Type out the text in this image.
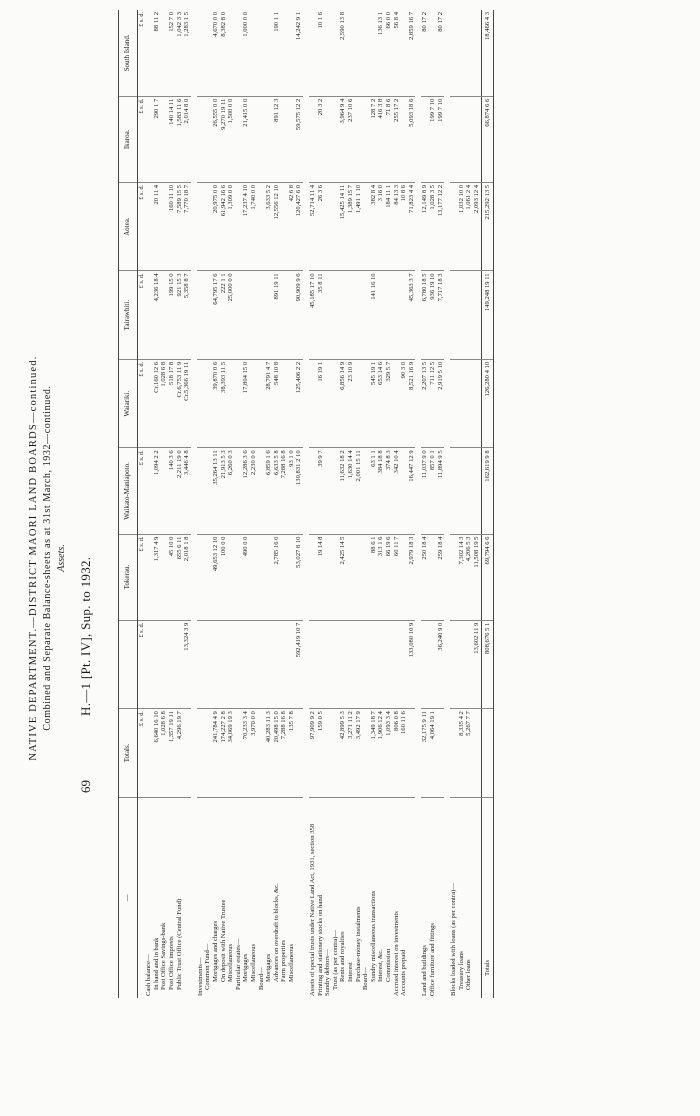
69
H.—1 [Pt. IV], Sup. to 1932.
NATIVE DEPARTMENT.—DISTRICT MAORI LAND BOARDS—continued. Combined and Separate Balance-sheets as at 31st March, 1932—continued. Assets.
—	Totals.		Tokerau.	Waikato-Maniapoto.	Waiariki.	Tairawhiti.	Aotea.	Ikaroa.	South Island.
	£ s. d.	£ s. d.	£ s. d.	£ s. d.	£ s. d.	£ s. d.	£ s. d.	£ s. d.	£ s. d.
Cash balance—									
In hand and in bank	6,640 16 10		1,317 4 9	1,094 2 2	Cr.160 12 6	4,236 18 4	20 11 4	290 1 7	88 11 2
Post Office Savings-bank	1,028 6 8				1,028 6 8				
Post Office imprests	1,357 19 11		45 10 0	140 3 6	518 17 8	199 15 0	160 11 10	140 14 11	152 7 0
Public Trust Office (Central Fund)	4,296 19 7		655 6 11	2,211 19 0	Cr.6,753 11 9	921 15 3	7,589 15 5	1,583 11 6	1,042 3 3
		13,324 3 9	2,018 1 8	3,446 4 8	Cr.5,366 19 11	5,358 8 7	7,770 18 7	2,014 8 0	1,283 1 5

Investments—									
Common Fund—									
Mortgages and charges	241,784 4 9		49,653 12 10	35,264 13 11	39,870 0 6	64,795 17 6	20,975 0 0	26,555 0 0	4,670 0 0
On deposit with Native Trustee	174,227 2 8		100 0 0	21,913 5 3	38,393 11 5	222 1 1	61,942 16 6	9,270 19 11	8,382 8 0
Miscellaneous	34,069 19 3			6,260 0 3		25,000 0 0	1,309 0 0	1,500 0 0	
Particular estates—									
Mortgages	70,233 3 4		490 0 0	12,286 3 6	17,804 15 0		17,237 4 10	21,415 0 0	1,000 0 0
Miscellaneous	3,970 0 0			2,230 0 0			1,740 0 0		
Board—									
Mortgages	40,283 11 3			6,859 1 6	28,791 4 7		3,633 5 2		
Advances on overdraft to blocks, &c.	20,498 15 0		2,785 16 0	6,633 5 8	548 10 8	891 19 11	12,556 12 10	891 12 3	190 1 1
Farm properties	7,288 16 8			7,288 16 8					
Miscellaneous	135 7 8			93 1 0			42 6 8		
		592,419 10 7	53,027 8 10	130,831 2 10	125,406 2 2	90,909 9 6	120,427 6 0	59,575 12 2	14,242 9 1

Assets of special trusts under Native Land Act, 1931, section 358	97,909 9 2					45,185 17 10	52,714 11 4		
Printing and stationery stocks on hand	159 0 5		19 14 8	39 9 7	16 19 1	35 8 11	26 3 6	20 3 2	10 1 6
Sundry debtors—									
Trust (as per contra)—									
Rents and royalties	42,899 5 3		2,425 14 5	11,632 18 2	6,856 14 9		15,425 14 11	3,964 9 4	2,590 13 8
Interest	3,271 11 2			1,630 14 4	23 10 9		1,389 15 7	237 10 6	
Purchase-money instalments	3,492 17 9			2,001 15 11			1,491 1 10		
Board—									
Sundry miscellaneous transactions	1,349 18 7		88 6 1	63 1 1	545 19 1	141 16 10	382 8 4	128 7 2	
Interest, &c.	1,906 12 4		313 1 6	384 18 8	653 14 6		3 16 0	416 3 8	136 13 1
Commission	1,093 3 4		66 19 6	374 8 3	329 5 7		184 11 1	71 8 6	66 0 0
Accrued interest on investments	806 0 8		60 11 7	342 10 4			84 13 3	255 17 2	56 8 4
Accounts prepaid	160 11 6				90 3 0		10 8 6		
		133,080 10 9	2,979 18 3	16,447 12 9	8,521 16 9	45,363 3 7	71,823 4 4	5,093 18 6	2,859 16 7

Land and buildings	32,175 9 11		250 18 4	11,037 9 0	2,207 13 5	6,780 18 5	12,149 8 9		80 17 2
Office furniture and fittings	4,064 19 1			857 0 1	711 12 5	936 19 10	1,028 3 5	199 7 10	
		36,240 9 0	259 18 4	11,894 9 5	2,919 5 10	7,717 18 3	13,177 12 2	199 7 10	80 17 2

Blocks loaded with loans (as per contra)—									
Treasury loans	8,335 4 2		7,302 14 3				1,032 10 0		
Other loans	5,267 7 7		4,206 5 3				1,061 2 4		
		13,602 11 9	11,508 19 5				2,093 12 4		
Totals		808,676 5 1	69,794 6 6	162,619 9 8	126,280 4 10	149,248 19 11	215,292 13 5	66,874 6 6	18,466 4 3
